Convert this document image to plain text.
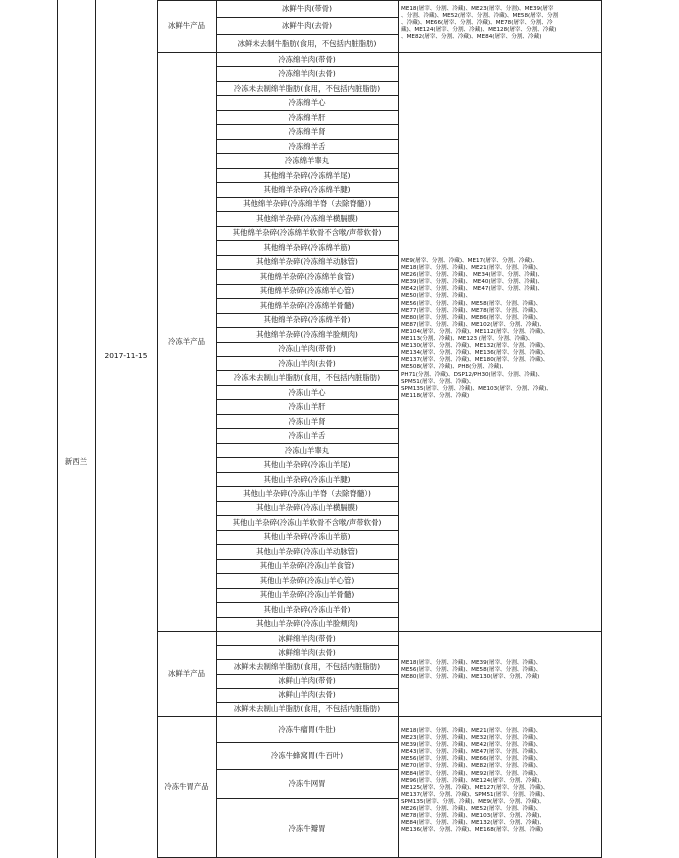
新西兰
2017-11-15
冰鲜牛产品
冰鲜牛肉(带骨)
冰鲜牛肉(去骨)
冰鲜未去制牛脂肪(食用，不包括内脏脂肪)
ME18(屠宰、分割、冷藏)、ME23(屠宰、分割)、ME39(屠宰
、分割、冷藏)、ME52(屠宰、分割、冷藏)、ME58(屠宰、分割
、冷藏)、ME66(屠宰、分割、冷藏)、ME78(屠宰、分割、冷
藏)、ME124(屠宰、分割、冷藏)、ME128(屠宰、分割、冷藏)
、ME82(屠宰、分割、冷藏)、ME84(屠宰、分割、冷藏)
冷冻羊产品
冷冻绵羊肉(带骨)
冷冻绵羊肉(去骨)
冷冻未去制绵羊脂肪(食用，不包括内脏脂肪)
冷冻绵羊心
冷冻绵羊肝
冷冻绵羊肾
冷冻绵羊舌
冷冻绵羊睾丸
其他绵羊杂碎(冷冻绵羊尾)
其他绵羊杂碎(冷冻绵羊腱)
其他绵羊杂碎(冷冻绵羊脊（去除脊髓）)
其他绵羊杂碎(冷冻绵羊横膈膜)
其他绵羊杂碎(冷冻绵羊软骨不含喉/声带软骨)
其他绵羊杂碎(冷冻绵羊筋)
其他绵羊杂碎(冷冻绵羊动脉管)
其他绵羊杂碎(冷冻绵羊食管)
其他绵羊杂碎(冷冻绵羊心管)
其他绵羊杂碎(冷冻绵羊骨髓)
其他绵羊杂碎(冷冻绵羊骨)
其他绵羊杂碎(冷冻绵羊脸颊肉)
冷冻山羊肉(带骨)
冷冻山羊肉(去骨)
冷冻未去制山羊脂肪(食用，不包括内脏脂肪)
冷冻山羊心
冷冻山羊肝
冷冻山羊肾
冷冻山羊舌
冷冻山羊睾丸
其他山羊杂碎(冷冻山羊尾)
其他山羊杂碎(冷冻山羊腱)
其他山羊杂碎(冷冻山羊脊（去除脊髓）)
其他山羊杂碎(冷冻山羊横膈膜)
其他山羊杂碎(冷冻山羊软骨不含喉/声带软骨)
其他山羊杂碎(冷冻山羊筋)
其他山羊杂碎(冷冻山羊动脉管)
其他山羊杂碎(冷冻山羊食管)
其他山羊杂碎(冷冻山羊心管)
其他山羊杂碎(冷冻山羊骨髓)
其他山羊杂碎(冷冻山羊骨)
其他山羊杂碎(冷冻山羊脸颊肉)
ME9(屠宰、分割、冷藏)、ME17(屠宰、分割、冷藏)、
ME18(屠宰、分割、冷藏)、ME21(屠宰、分割、冷藏)、
ME26(屠宰、分割、冷藏)、 ME34(屠宰、分割、冷藏)、
ME39(屠宰、分割、冷藏)、 ME40(屠宰、分割、冷藏)、
ME42(屠宰、分割、冷藏)、 ME47(屠宰、分割、冷藏)、
ME50(屠宰、分割、冷藏)、
ME56(屠宰、分割、冷藏)、ME58(屠宰、分割、冷藏)、
ME77(屠宰、分割、冷藏)、ME78(屠宰、分割、冷藏)、
ME80(屠宰、分割、冷藏)、ME86(屠宰、分割、冷藏)、
ME87(屠宰、分割、冷藏)、ME102(屠宰、分割、冷藏)、
ME104(屠宰、分割、冷藏)、ME112(屠宰、分割、冷藏)、
ME113(分割、冷藏)、ME123 (屠宰、分割、冷藏)、
ME130(屠宰、分割、冷藏)、ME132(屠宰、分割、冷藏)、
ME134(屠宰、分割、冷藏)、ME136(屠宰、分割、冷藏)、
ME137(屠宰、分割、冷藏)、ME180(屠宰、分割、冷藏)、
ME508(屠宰、冷藏)、PH8(分割、冷藏)、
PH71(分割、冷藏)、DSP12/PH30(屠宰、分割、冷藏)、
SPM51(屠宰、分割、冷藏)、
SPM135(屠宰、分割、冷藏)、ME103(屠宰、分割、冷藏)、
ME118(屠宰、分割、冷藏)
冰鲜羊产品
冰鲜绵羊肉(带骨)
冰鲜绵羊肉(去骨)
冰鲜未去制绵羊脂肪(食用，不包括内脏脂肪)
冰鲜山羊肉(带骨)
冰鲜山羊肉(去骨)
冰鲜未去制山羊脂肪(食用，不包括内脏脂肪)
ME18(屠宰、分割、冷藏)、ME39(屠宰、分割、冷藏)、
ME56(屠宰、分割、冷藏)、ME58(屠宰、分割、冷藏)、
ME80(屠宰、分割、冷藏)、ME130(屠宰、分割、冷藏)
冷冻牛胃产品
冷冻牛瘤胃(牛肚)
冷冻牛蜂窝胃(牛百叶)
冷冻牛网胃
冷冻牛瓣胃
ME18(屠宰、分割、冷藏)、ME21(屠宰、分割、冷藏)、
ME23(屠宰、分割、冷藏)、ME32(屠宰、分割、冷藏)、
ME39(屠宰、分割、冷藏)、ME42(屠宰、分割、冷藏)、
ME43(屠宰、分割、冷藏)、ME47(屠宰、分割、冷藏)、
ME56(屠宰、分割、冷藏)、ME66(屠宰、分割、冷藏)、
ME70(屠宰、分割、冷藏)、ME82(屠宰、分割、冷藏)、
ME84(屠宰、分割、冷藏)、ME92(屠宰、分割、冷藏)、
ME96(屠宰、分割、冷藏)、ME124(屠宰、分割、冷藏)、
ME125(屠宰、分割、冷藏)、ME127(屠宰、分割、冷藏)、
ME137(屠宰、分割、冷藏)、SPM51(屠宰、分割、冷藏)、
SPM135(屠宰、分割、冷藏)、ME9(屠宰、分割、冷藏)、
ME26(屠宰、分割、冷藏)、ME52(屠宰、分割、冷藏)、
ME78(屠宰、分割、冷藏)、ME103(屠宰、分割、冷藏)、
ME84(屠宰、分割、冷藏)、ME132(屠宰、分割、冷藏)、
ME136(屠宰、分割、冷藏)、ME168(屠宰、分割、冷藏)
